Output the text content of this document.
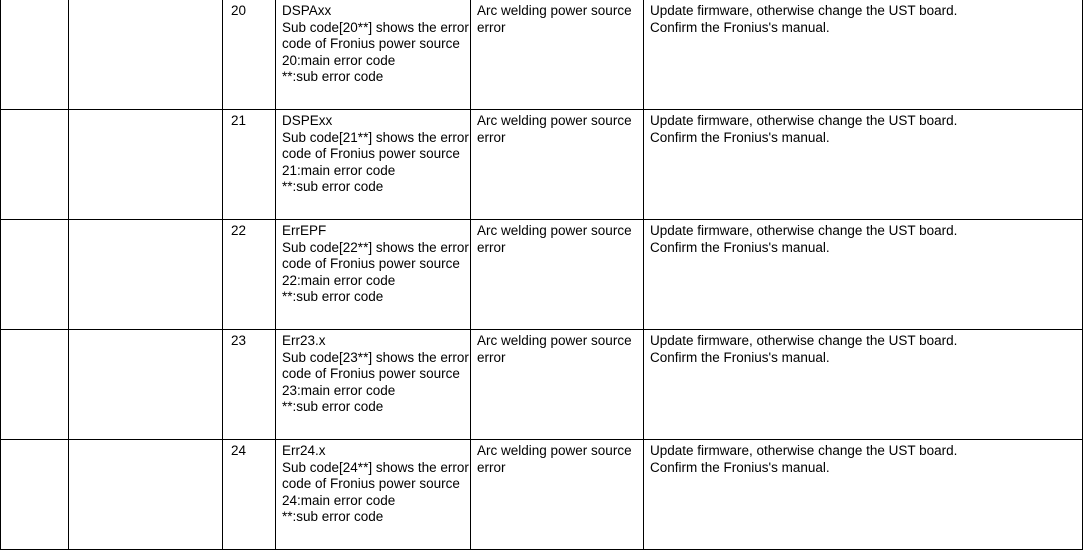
		20	DSPAxx
Sub code[20**] shows the error code of Fronius power source
20:main error code
**:sub error code	Arc welding power source error	Update firmware, otherwise change the UST board.
Confirm the Fronius's manual.

		21	DSPExx
Sub code[21**] shows the error code of Fronius power source
21:main error code
**:sub error code	Arc welding power source error	Update firmware, otherwise change the UST board.
Confirm the Fronius's manual.

		22	ErrEPF
Sub code[22**] shows the error code of Fronius power source
22:main error code
**:sub error code	Arc welding power source error	Update firmware, otherwise change the UST board.
Confirm the Fronius's manual.

		23	Err23.x
Sub code[23**] shows the error code of Fronius power source
23:main error code
**:sub error code	Arc welding power source error	Update firmware, otherwise change the UST board.
Confirm the Fronius's manual.

		24	Err24.x
Sub code[24**] shows the error code of Fronius power source
24:main error code
**:sub error code	Arc welding power source error	Update firmware, otherwise change the UST board.
Confirm the Fronius's manual.
